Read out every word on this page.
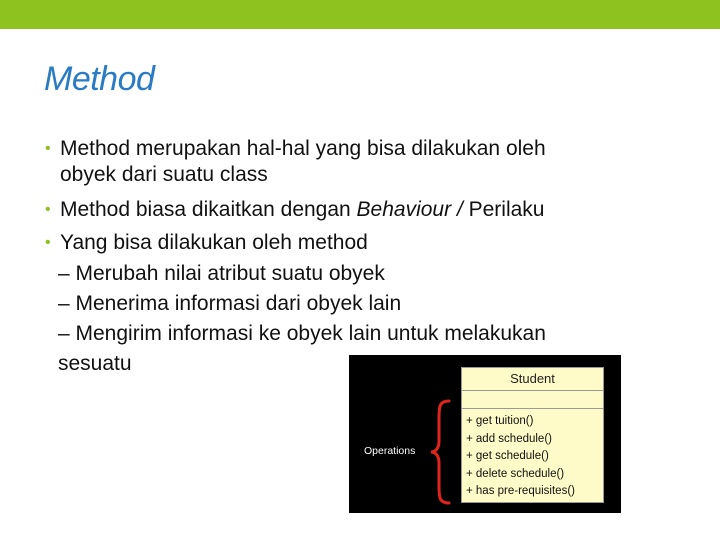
Method
• Method merupakan hal-hal yang bisa dilakukan oleh
obyek dari suatu class
• Method biasa dikaitkan dengan Behaviour / Perilaku
• Yang bisa dilakukan oleh method
– Merubah nilai atribut suatu obyek
– Menerima informasi dari obyek lain
– Mengirim informasi ke obyek lain untuk melakukan
sesuatu
Operations
Student
+ get tuition()
+ add schedule()
+ get schedule()
+ delete schedule()
+ has pre-requisites()
